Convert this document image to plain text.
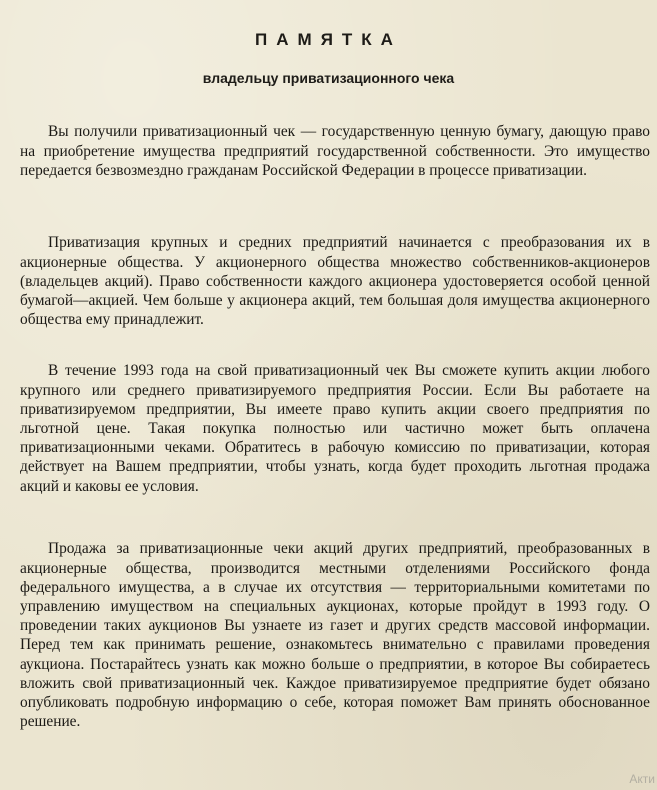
ПАМЯТКА
владельцу приватизационного чека

Вы получили приватизационный чек — государственную ценную бумагу, дающую право на приобретение имущества предприятий государственной собственности. Это имущество передается безвозмездно гражданам Российской Федерации в процессе приватизации.

Приватизация крупных и средних предприятий начинается с преобразования их в акционерные общества. У акционерного общества множество собственников-акционеров (владельцев акций). Право собственности каждого акционера удостоверяется особой ценной бумагой—акцией. Чем больше у акционера акций, тем большая доля имущества акционерного общества ему принадлежит.

В течение 1993 года на свой приватизационный чек Вы сможете купить акции любого крупного или среднего приватизируемого предприятия России. Если Вы работаете на приватизируемом предприятии, Вы имеете право купить акции своего предприятия по льготной цене. Такая покупка полностью или частично может быть оплачена приватизационными чеками. Обратитесь в рабочую комиссию по приватизации, которая действует на Вашем предприятии, чтобы узнать, когда будет проходить льготная продажа акций и каковы ее условия.

Продажа за приватизационные чеки акций других предприятий, преобразованных в акционерные общества, производится местными отделениями Российского фонда федерального имущества, а в случае их отсутствия — территориальными комитетами по управлению имуществом на специальных аукционах, которые пройдут в 1993 году. О проведении таких аукционов Вы узнаете из газет и других средств массовой информации. Перед тем как принимать решение, ознакомьтесь внимательно с правилами проведения аукциона. Постарайтесь узнать как можно больше о предприятии, в которое Вы собираетесь вложить свой приватизационный чек. Каждое приватизируемое предприятие будет обязано опубликовать подробную информацию о себе, которая поможет Вам принять обоснованное решение.

Акти
